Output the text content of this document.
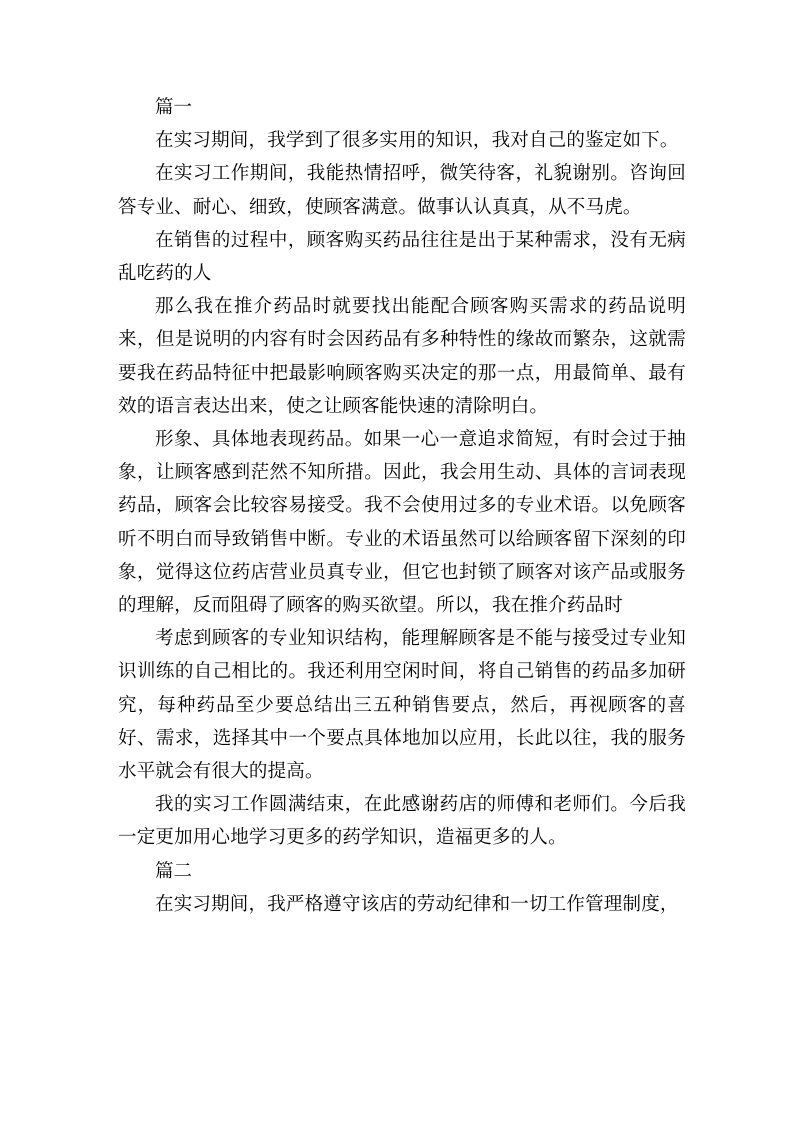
篇一

在实习期间，我学到了很多实用的知识，我对自己的鉴定如下。

在实习工作期间，我能热情招呼，微笑待客，礼貌谢别。咨询回答专业、耐心、细致，使顾客满意。做事认认真真，从不马虎。

在销售的过程中，顾客购买药品往往是出于某种需求，没有无病乱吃药的人

那么我在推介药品时就要找出能配合顾客购买需求的药品说明来，但是说明的内容有时会因药品有多种特性的缘故而繁杂，这就需要我在药品特征中把最影响顾客购买决定的那一点，用最简单、最有效的语言表达出来，使之让顾客能快速的清除明白。

形象、具体地表现药品。如果一心一意追求简短，有时会过于抽象，让顾客感到茫然不知所措。因此，我会用生动、具体的言词表现药品，顾客会比较容易接受。我不会使用过多的专业术语。以免顾客听不明白而导致销售中断。专业的术语虽然可以给顾客留下深刻的印象，觉得这位药店营业员真专业，但它也封锁了顾客对该产品或服务的理解，反而阻碍了顾客的购买欲望。所以，我在推介药品时

考虑到顾客的专业知识结构，能理解顾客是不能与接受过专业知识训练的自己相比的。我还利用空闲时间，将自己销售的药品多加研究，每种药品至少要总结出三五种销售要点，然后，再视顾客的喜好、需求，选择其中一个要点具体地加以应用，长此以往，我的服务水平就会有很大的提高。

我的实习工作圆满结束，在此感谢药店的师傅和老师们。今后我一定更加用心地学习更多的药学知识，造福更多的人。

篇二

在实习期间，我严格遵守该店的劳动纪律和一切工作管理制度，
